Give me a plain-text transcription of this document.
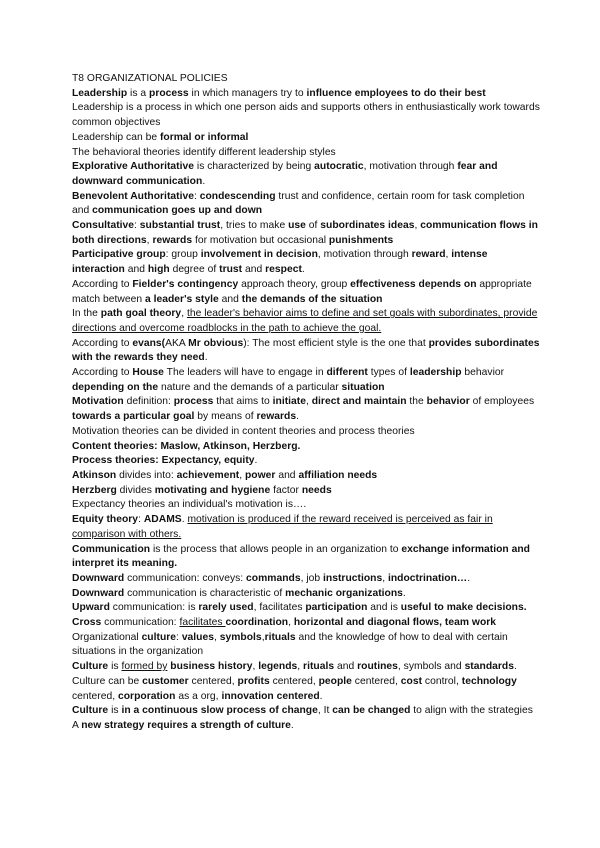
T8 ORGANIZATIONAL POLICIES
Leadership is a process in which managers try to influence employees to do their best
Leadership is a process in which one person aids and supports others in enthusiastically work towards common objectives
Leadership can be formal or informal
The behavioral theories identify different leadership styles
Explorative Authoritative is characterized by being autocratic, motivation through fear and downward communication.
Benevolent Authoritative: condescending trust and confidence, certain room for task completion and communication goes up and down
Consultative: substantial trust, tries to make use of subordinates ideas, communication flows in both directions, rewards for motivation but occasional punishments
Participative group: group involvement in decision, motivation through reward, intense interaction and high degree of trust and respect.
According to Fielder's contingency approach theory, group effectiveness depends on appropriate match between a leader's style and the demands of the situation
In the path goal theory, the leader's behavior aims to define and set goals with subordinates, provide directions and overcome roadblocks in the path to achieve the goal.
According to evans(AKA Mr obvious): The most efficient style is the one that provides subordinates with the rewards they need.
According to House The leaders will have to engage in different types of leadership behavior depending on the nature and the demands of a particular situation
Motivation definition: process that aims to initiate, direct and maintain the behavior of employees towards a particular goal by means of rewards.
Motivation theories can be divided in content theories and process theories
Content theories: Maslow, Atkinson, Herzberg.
Process theories: Expectancy, equity.
Atkinson divides into: achievement, power and affiliation needs
Herzberg divides motivating and hygiene factor needs
Expectancy theories an individual's motivation is….
Equity theory: ADAMS. motivation is produced if the reward received is perceived as fair in comparison with others.
Communication is the process that allows people in an organization to exchange information and interpret its meaning.
Downward communication: conveys: commands, job instructions, indoctrination….
Downward communication is characteristic of mechanic organizations.
Upward communication: is rarely used, facilitates participation and is useful to make decisions.
Cross communication: facilitates coordination, horizontal and diagonal flows, team work
Organizational culture: values, symbols,rituals and the knowledge of how to deal with certain situations in the organization
Culture is formed by business history, legends, rituals and routines, symbols and standards.
Culture can be customer centered, profits centered, people centered, cost control, technology centered, corporation as a org, innovation centered.
Culture is in a continuous slow process of change, It can be changed to align with the strategies
A new strategy requires a strength of culture.
